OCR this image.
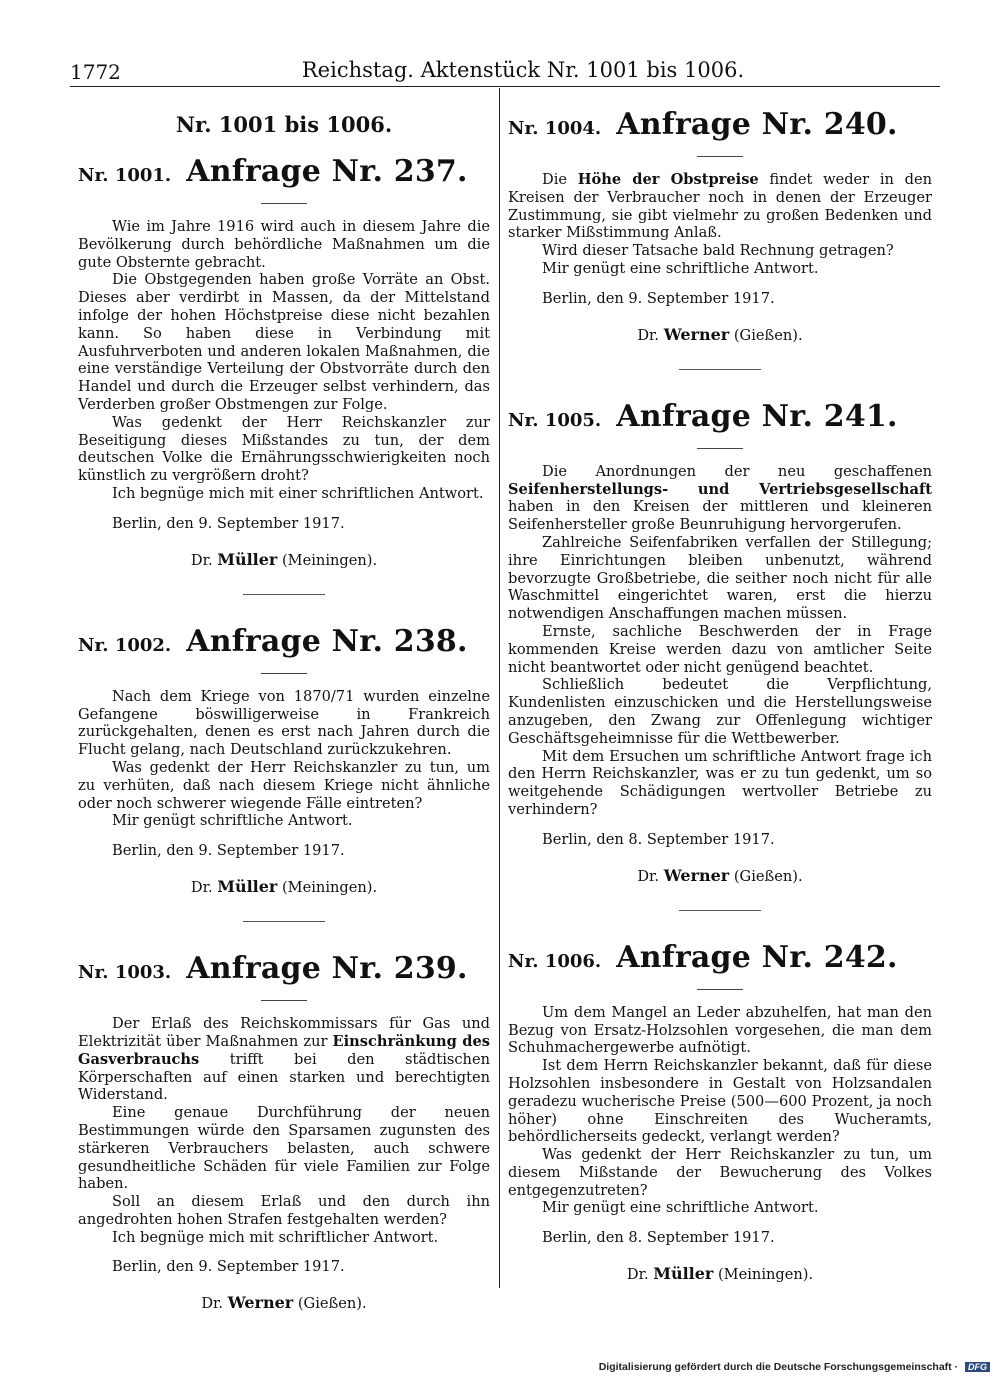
1772	Reichstag. Aktenstück Nr. 1001 bis 1006.
Nr. 1001 bis 1006.
Nr. 1001. Anfrage Nr. 237.

Wie im Jahre 1916 wird auch in diesem Jahre die Bevölkerung durch behördliche Maßnahmen um die gute Obsternte gebracht.

Die Obstgegenden haben große Vorräte an Obst. Dieses aber verdirbt in Massen, da der Mittelstand infolge der hohen Höchstpreise diese nicht bezahlen kann. So haben diese in Verbindung mit Ausfuhrverboten und anderen lokalen Maßnahmen, die eine verständige Verteilung der Obstvorräte durch den Handel und durch die Erzeuger selbst verhindern, das Verderben großer Obstmengen zur Folge.

Was gedenkt der Herr Reichskanzler zur Beseitigung dieses Mißstandes zu tun, der dem deutschen Volke die Ernährungsschwierigkeiten noch künstlich zu vergrößern droht?

Ich begnüge mich mit einer schriftlichen Antwort.

Berlin, den 9. September 1917.
Dr. Müller (Meiningen).
Nr. 1002. Anfrage Nr. 238.

Nach dem Kriege von 1870/71 wurden einzelne Gefangene böswilligerweise in Frankreich zurückgehalten, denen es erst nach Jahren durch die Flucht gelang, nach Deutschland zurückzukehren.

Was gedenkt der Herr Reichskanzler zu tun, um zu verhüten, daß nach diesem Kriege nicht ähnliche oder noch schwerer wiegende Fälle eintreten?

Mir genügt schriftliche Antwort.

Berlin, den 9. September 1917.
Dr. Müller (Meiningen).
Nr. 1003. Anfrage Nr. 239.

Der Erlaß des Reichskommissars für Gas und Elektrizität über Maßnahmen zur Einschränkung des Gasverbrauchs trifft bei den städtischen Körperschaften auf einen starken und berechtigten Widerstand.

Eine genaue Durchführung der neuen Bestimmungen würde den Sparsamen zugunsten des stärkeren Verbrauchers belasten, auch schwere gesundheitliche Schäden für viele Familien zur Folge haben.

Soll an diesem Erlaß und den durch ihn angedrohten hohen Strafen festgehalten werden?

Ich begnüge mich mit schriftlicher Antwort.

Berlin, den 9. September 1917.
Dr. Werner (Gießen).
Nr. 1004. Anfrage Nr. 240.

Die Höhe der Obstpreise findet weder in den Kreisen der Verbraucher noch in denen der Erzeuger Zustimmung, sie gibt vielmehr zu großen Bedenken und starker Mißstimmung Anlaß.

Wird dieser Tatsache bald Rechnung getragen?

Mir genügt eine schriftliche Antwort.

Berlin, den 9. September 1917.
Dr. Werner (Gießen).
Nr. 1005. Anfrage Nr. 241.

Die Anordnungen der neu geschaffenen Seifenherstellungs- und Vertriebsgesellschaft haben in den Kreisen der mittleren und kleineren Seifenhersteller große Beunruhigung hervorgerufen.

Zahlreiche Seifenfabriken verfallen der Stillegung; ihre Einrichtungen bleiben unbenutzt, während bevorzugte Großbetriebe, die seither noch nicht für alle Waschmittel eingerichtet waren, erst die hierzu notwendigen Anschaffungen machen müssen.

Ernste, sachliche Beschwerden der in Frage kommenden Kreise werden dazu von amtlicher Seite nicht beantwortet oder nicht genügend beachtet.

Schließlich bedeutet die Verpflichtung, Kundenlisten einzuschicken und die Herstellungsweise anzugeben, den Zwang zur Offenlegung wichtiger Geschäftsgeheimnisse für die Wettbewerber.

Mit dem Ersuchen um schriftliche Antwort frage ich den Herrn Reichskanzler, was er zu tun gedenkt, um so weitgehende Schädigungen wertvoller Betriebe zu verhindern?

Berlin, den 8. September 1917.
Dr. Werner (Gießen).
Nr. 1006. Anfrage Nr. 242.

Um dem Mangel an Leder abzuhelfen, hat man den Bezug von Ersatz-Holzsohlen vorgesehen, die man dem Schuhmachergewerbe aufnötigt.

Ist dem Herrn Reichskanzler bekannt, daß für diese Holzsohlen insbesondere in Gestalt von Holzsandalen geradezu wucherische Preise (500—600 Prozent, ja noch höher) ohne Einschreiten des Wucheramts, behördlicherseits gedeckt, verlangt werden?

Was gedenkt der Herr Reichskanzler zu tun, um diesem Mißstande der Bewucherung des Volkes entgegenzutreten?

Mir genügt eine schriftliche Antwort.

Berlin, den 8. September 1917.
Dr. Müller (Meiningen).
Digitalisierung gefördert durch die Deutsche Forschungsgemeinschaft · DFG
